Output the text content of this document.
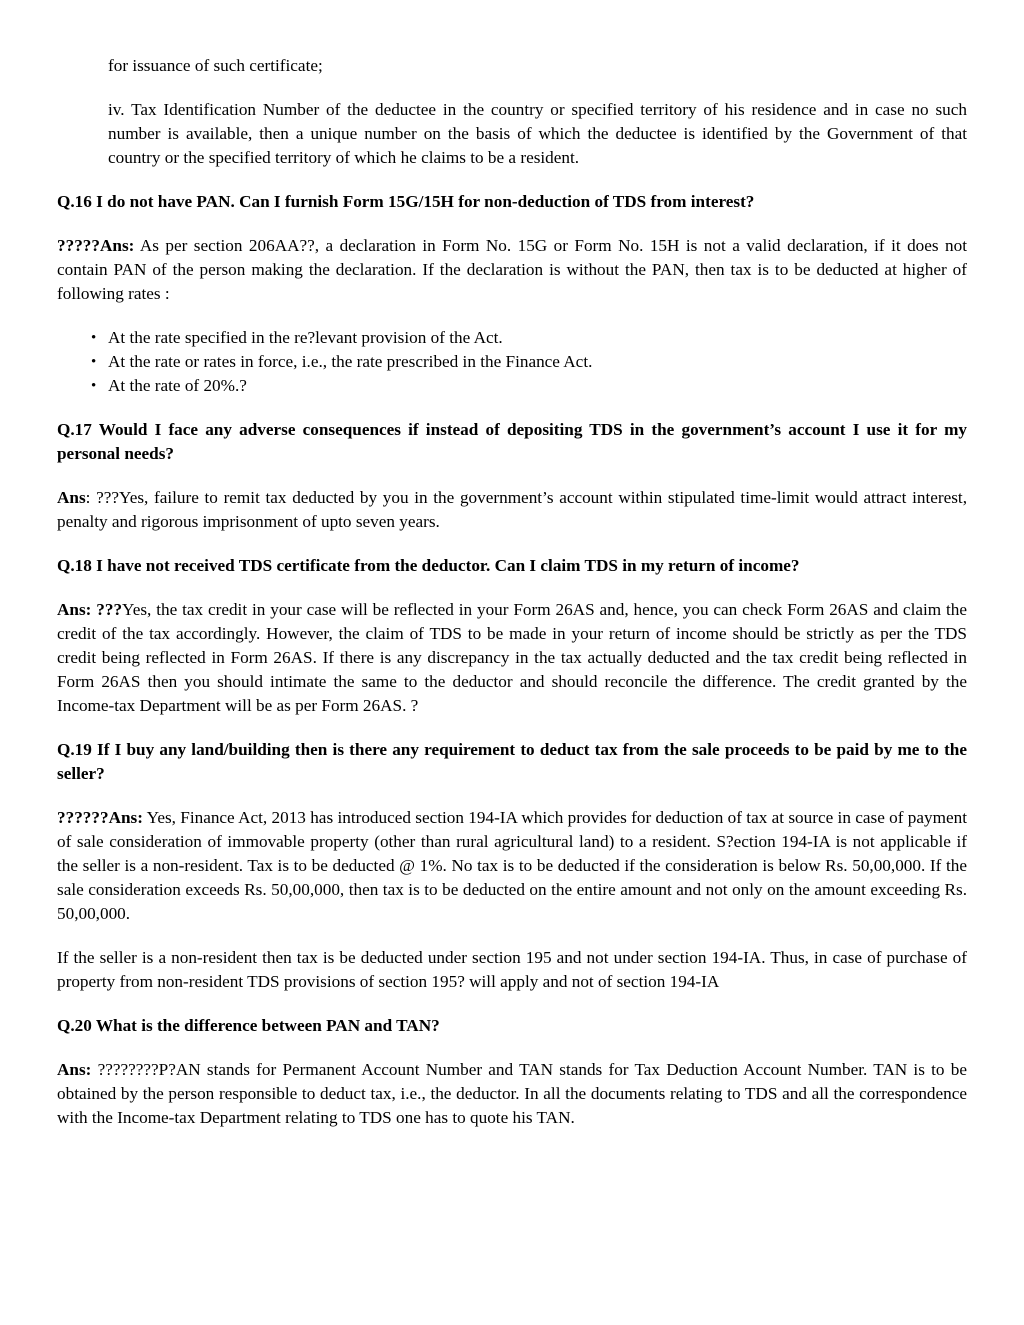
for issuance of such certificate;

iv. Tax Identification Number of the deductee in the country or specified territory of his residence and in case no such number is available, then a unique number on the basis of which the deductee is identified by the Government of that country or the specified territory of which he claims to be a resident.

Q.16 I do not have PAN. Can I furnish Form 15G/15H for non-deduction of TDS from interest?

?????Ans: As per section 206AA??, a declaration in Form No. 15G or Form No. 15H is not a valid declaration, if it does not contain PAN of the person making the declaration. If the declaration is without the PAN, then tax is to be deducted at higher of following rates :

• At the rate specified in the re?levant provision of the Act.
• At the rate or rates in force, i.e., the rate prescribed in the Finance Act.
• At the rate of 20%.?

Q.17 Would I face any adverse consequences if instead of depositing TDS in the government’s account I use it for my personal needs?

Ans: ???Yes, failure to remit tax deducted by you in the government’s account within stipulated time-limit would attract interest, penalty and rigorous imprisonment of upto seven years.

Q.18 I have not received TDS certificate from the deductor. Can I claim TDS in my return of income?

Ans: ???Yes, the tax credit in your case will be reflected in your Form 26AS and, hence, you can check Form 26AS and claim the credit of the tax accordingly. However, the claim of TDS to be made in your return of income should be strictly as per the TDS credit being reflected in Form 26AS. If there is any discrepancy in the tax actually deducted and the tax credit being reflected in Form 26AS then you should intimate the same to the deductor and should reconcile the difference. The credit granted by the Income-tax Department will be as per Form 26AS. ?

Q.19 If I buy any land/building then is there any requirement to deduct tax from the sale proceeds to be paid by me to the seller?

??????Ans: Yes, Finance Act, 2013 has introduced section 194-IA which provides for deduction of tax at source in case of payment of sale consideration of immovable property (other than rural agricultural land) to a resident. S?ection 194-IA is not applicable if the seller is a non-resident. Tax is to be deducted @ 1%. No tax is to be deducted if the consideration is below Rs. 50,00,000. If the sale consideration exceeds Rs. 50,00,000, then tax is to be deducted on the entire amount and not only on the amount exceeding Rs. 50,00,000.

If the seller is a non-resident then tax is be deducted under section 195 and not under section 194-IA. Thus, in case of purchase of property from non-resident TDS provisions of section 195? will apply and not of section 194-IA

Q.20 What is the difference between PAN and TAN?

Ans: ????????P?AN stands for Permanent Account Number and TAN stands for Tax Deduction Account Number. TAN is to be obtained by the person responsible to deduct tax, i.e., the deductor. In all the documents relating to TDS and all the correspondence with the Income-tax Department relating to TDS one has to quote his TAN.
